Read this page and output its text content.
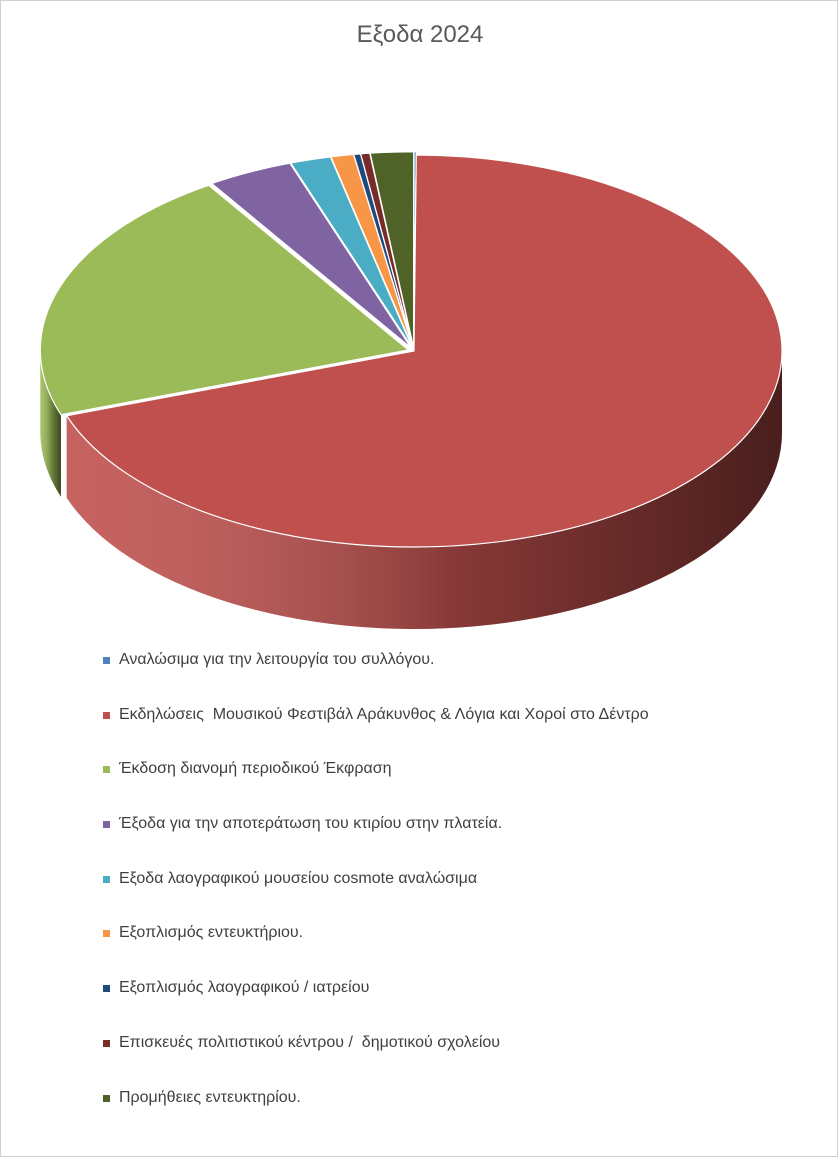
Εξοδα 2024
Αναλώσιμα για την λειτουργία του συλλόγου.
Εκδηλώσεις  Μουσικού Φεστιβάλ Αράκυνθος & Λόγια και Χοροί στο Δέντρο
Έκδοση διανομή περιοδικού Έκφραση
Έξοδα για την αποτεράτωση του κτιρίου στην πλατεία.
Εξοδα λαογραφικού μουσείου cosmote αναλώσιμα
Εξοπλισμός εντευκτήριου.
Εξοπλισμός λαογραφικού / ιατρείου
Επισκευές πολιτιστικού κέντρου /  δημοτικού σχολείου
Προμήθειες εντευκτηρίου.
